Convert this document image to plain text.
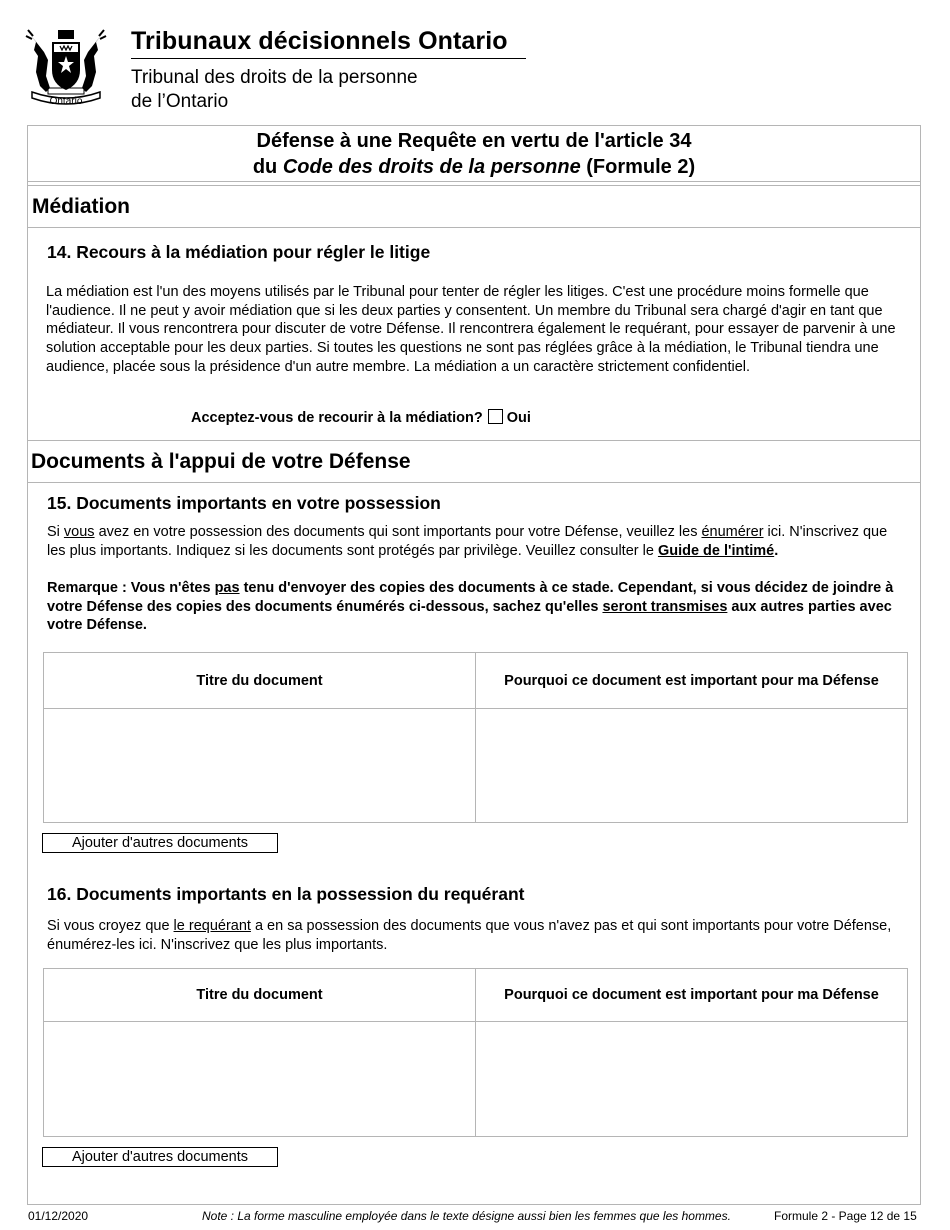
Ontario
Tribunaux décisionnels Ontario
Tribunal des droits de la personne
de l’Ontario
Défense à une Requête en vertu de l'article 34
du Code des droits de la personne (Formule 2)
Médiation
14. Recours à la médiation pour régler le litige
La médiation est l'un des moyens utilisés par le Tribunal pour tenter de régler les litiges. C'est une procédure moins formelle que l'audience. Il ne peut y avoir médiation que si les deux parties y consentent. Un membre du Tribunal sera chargé d'agir en tant que médiateur. Il vous rencontrera pour discuter de votre Défense. Il rencontrera également le requérant, pour essayer de parvenir à une solution acceptable pour les deux parties. Si toutes les questions ne sont pas réglées grâce à la médiation, le Tribunal tiendra une audience, placée sous la présidence d'un autre membre. La médiation a un caractère strictement confidentiel.
Acceptez-vous de recourir à la médiation? Oui
Documents à l'appui de votre Défense
15. Documents importants en votre possession
Si vous avez en votre possession des documents qui sont importants pour votre Défense, veuillez les énumérer ici. N'inscrivez que les plus importants. Indiquez si les documents sont protégés par privilège. Veuillez consulter le Guide de l'intimé.
Remarque : Vous n'êtes pas tenu d'envoyer des copies des documents à ce stade. Cependant, si vous décidez de joindre à votre Défense des copies des documents énumérés ci-dessous, sachez qu'elles seront transmises aux autres parties avec votre Défense.
Titre du document	Pourquoi ce document est important pour ma Défense

Ajouter d'autres documents
16. Documents importants en la possession du requérant
Si vous croyez que le requérant a en sa possession des documents que vous n'avez pas et qui sont importants pour votre Défense, énumérez-les ici. N'inscrivez que les plus importants.
Titre du document	Pourquoi ce document est important pour ma Défense

Ajouter d'autres documents
01/12/2020	Note : La forme masculine employée dans le texte désigne aussi bien les femmes que les hommes.	Formule 2 - Page 12 de 15
